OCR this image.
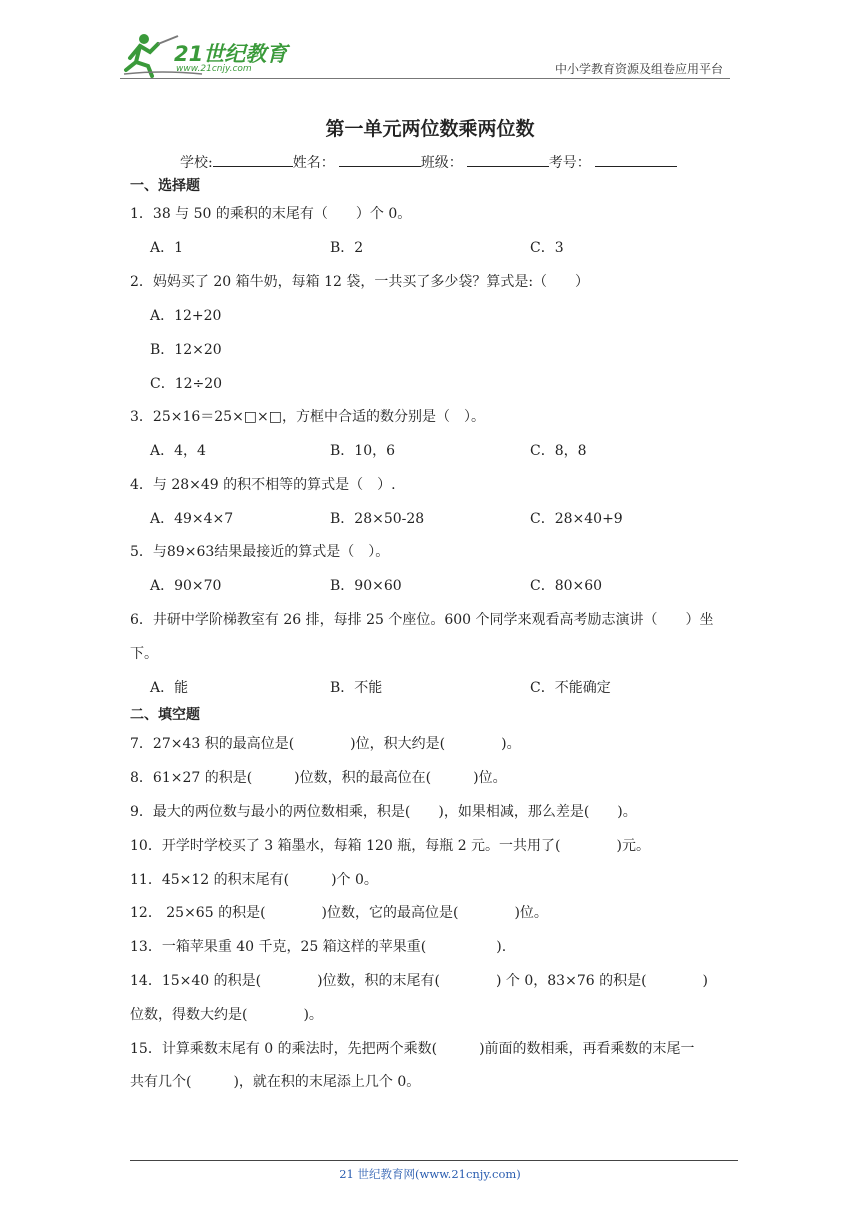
21世纪教育
www.21cnjy.com	中小学教育资源及组卷应用平台
第一单元两位数乘两位数
学校:	姓名：	班级：	考号：
一、选择题
1．38 与 50 的乘积的末尾有（　　）个 0。
A．1	B．2	C．3
2．妈妈买了 20 箱牛奶，每箱 12 袋，一共买了多少袋？算式是:（　　）
A．12+20
B．12×20
C．12÷20
3．25×16＝25×□×□，方框中合适的数分别是（　）。
A．4，4	B．10，6	C．8，8
4．与 28×49 的积不相等的算式是（　）.
A．49×4×7	B．28×50-28	C．28×40+9
5．与89×63结果最接近的算式是（　）。
A．90×70	B．90×60	C．80×60
6．井研中学阶梯教室有 26 排，每排 25 个座位。600 个同学来观看高考励志演讲（　　）坐
下。
A．能	B．不能	C．不能确定
二、填空题
7．27×43 积的最高位是(　　　　)位，积大约是(　　　　)。
8．61×27 的积是(　　　)位数，积的最高位在(　　　)位。
9．最大的两位数与最小的两位数相乘，积是(　　)，如果相减，那么差是(　　)。
10．开学时学校买了 3 箱墨水，每箱 120 瓶，每瓶 2 元。一共用了(　　　　)元。
11．45×12 的积末尾有(　　　)个 0。
12． 25×65 的积是(　　　　)位数，它的最高位是(　　　　)位。
13．一箱苹果重 40 千克，25 箱这样的苹果重(　　　　　).
14．15×40 的积是(　　　　)位数，积的末尾有(　　　　) 个 0，83×76 的积是(　　　　)
位数，得数大约是(　　　　)。
15．计算乘数末尾有 0 的乘法时，先把两个乘数(　　　)前面的数相乘，再看乘数的末尾一
共有几个(　　　)，就在积的末尾添上几个 0。
21 世纪教育网(www.21cnjy.com)
